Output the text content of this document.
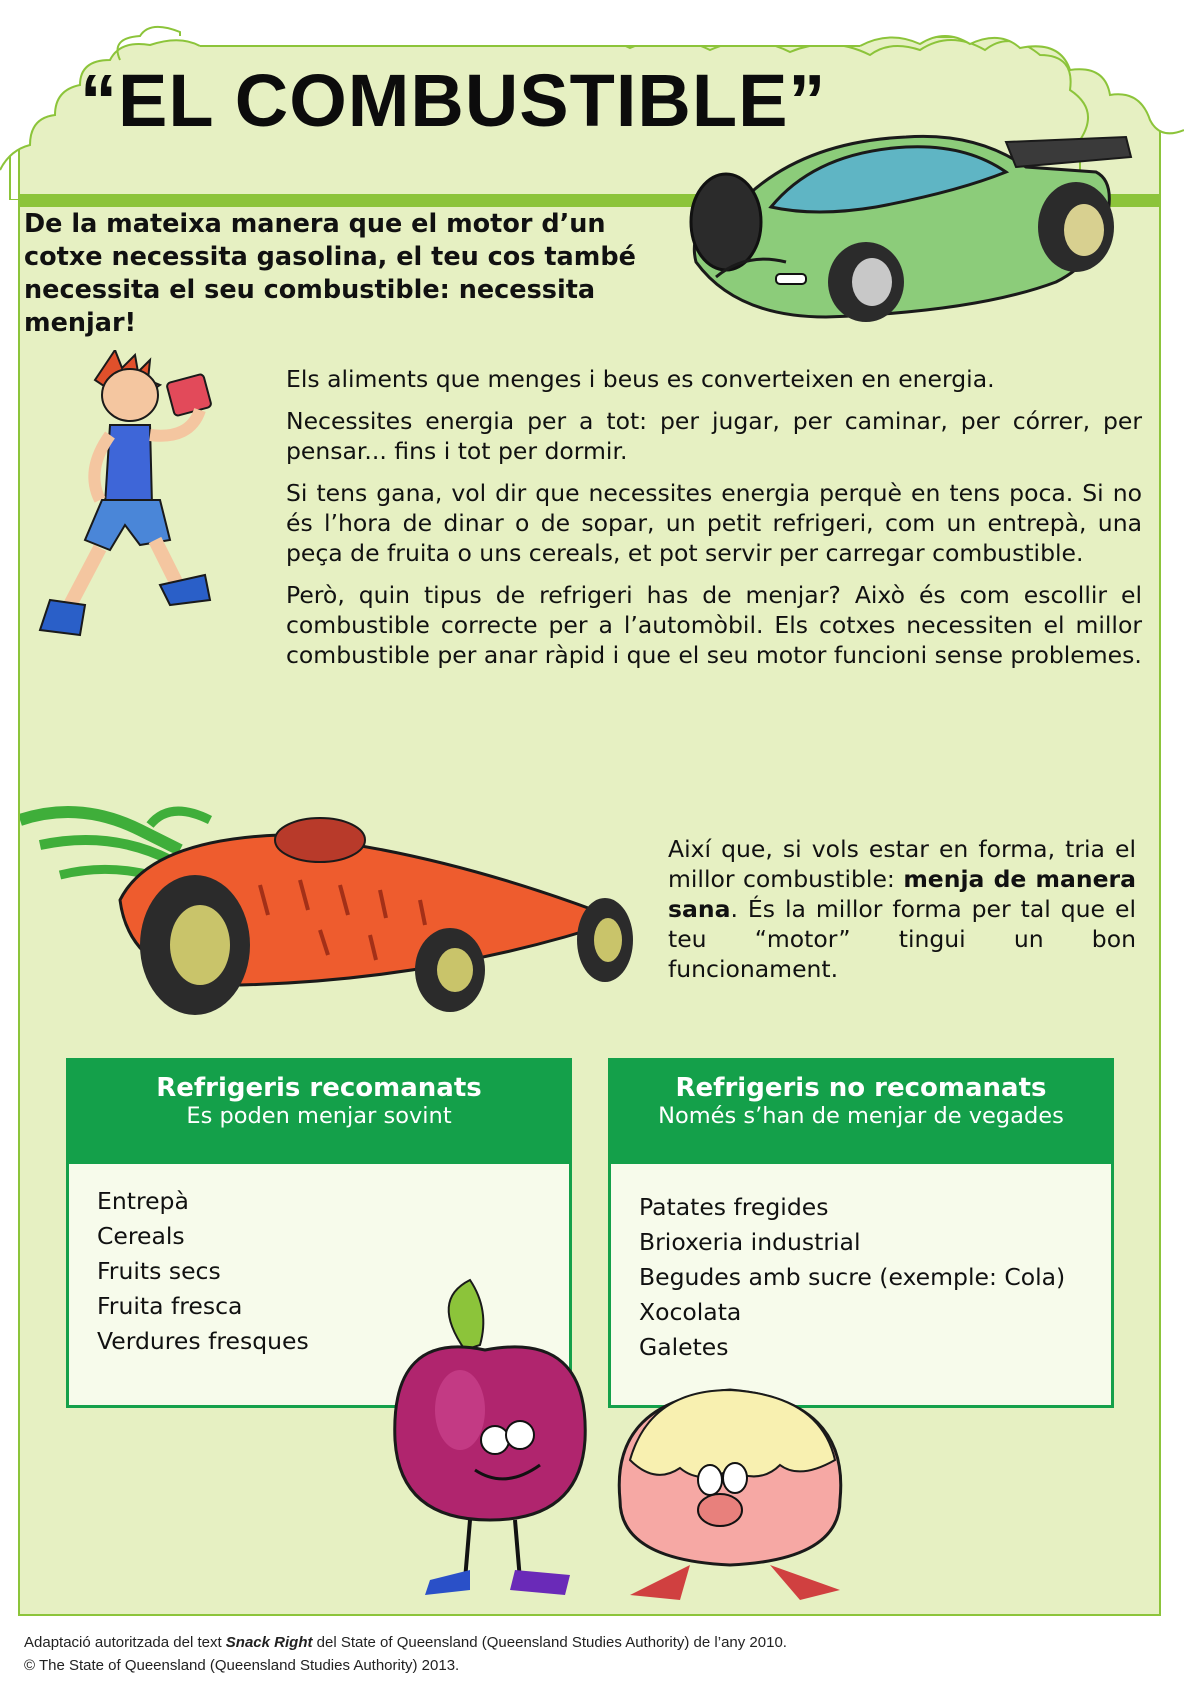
“EL COMBUSTIBLE”

De la mateixa manera que el motor d’un cotxe necessita gasolina, el teu cos també necessita el seu combustible: necessita menjar!

Els aliments que menges i beus es converteixen en energia.

Necessites energia per a tot: per jugar, per caminar, per córrer, per pensar... fins i tot per dormir.

Si tens gana, vol dir que necessites energia perquè en tens poca. Si no és l’hora de dinar o de sopar, un petit refrigeri, com un entrepà, una peça de fruita o uns cereals, et pot servir per carregar combustible.

Però, quin tipus de refrigeri has de menjar? Això és com escollir el combustible correcte per a l’automòbil. Els cotxes necessiten el millor combustible per anar ràpid i que el seu motor funcioni sense problemes.

Així que, si vols estar en forma, tria el millor combustible: menja de manera sana. És la millor forma per tal que el teu “motor” tingui un bon funcionament.

Refrigeris recomanats
Es poden menjar sovint
Entrepà
Cereals
Fruits secs
Fruita fresca
Verdures fresques
Refrigeris no recomanats
Només s’han de menjar de vegades
Patates fregides
Brioxeria industrial
Begudes amb sucre (exemple: Cola)
Xocolata
Galetes
Adaptació autoritzada del text Snack Right del State of Queensland (Queensland Studies Authority) de l’any 2010.
© The State of Queensland (Queensland Studies Authority) 2013.
